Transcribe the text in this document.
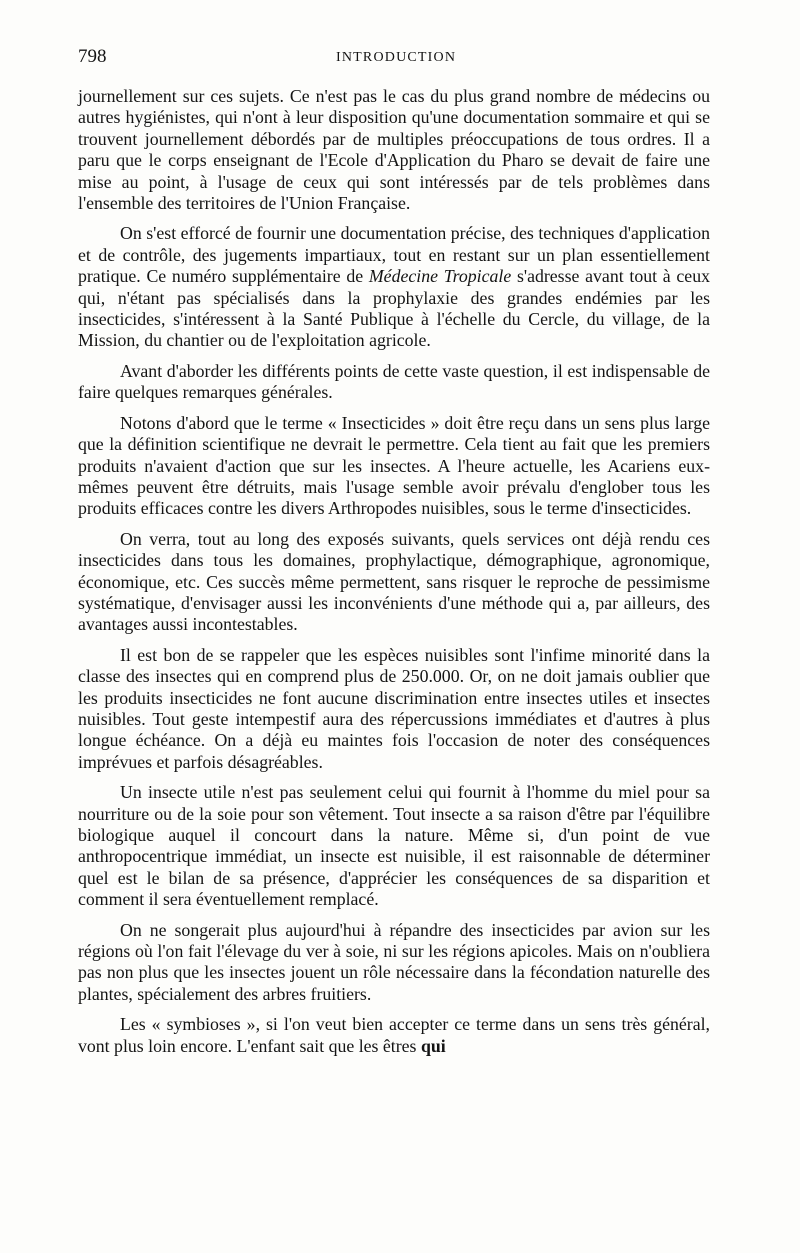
798	INTRODUCTION

journellement sur ces sujets. Ce n'est pas le cas du plus grand nombre de médecins ou autres hygiénistes, qui n'ont à leur disposition qu'une documentation sommaire et qui se trouvent journellement débordés par de multiples préoccupations de tous ordres. Il a paru que le corps enseignant de l'Ecole d'Application du Pharo se devait de faire une mise au point, à l'usage de ceux qui sont intéressés par de tels problèmes dans l'ensemble des territoires de l'Union Française.

On s'est efforcé de fournir une documentation précise, des techniques d'application et de contrôle, des jugements impartiaux, tout en restant sur un plan essentiellement pratique. Ce numéro supplémentaire de Médecine Tropicale s'adresse avant tout à ceux qui, n'étant pas spécialisés dans la prophylaxie des grandes endémies par les insecticides, s'intéressent à la Santé Publique à l'échelle du Cercle, du village, de la Mission, du chantier ou de l'exploitation agricole.

Avant d'aborder les différents points de cette vaste question, il est indispensable de faire quelques remarques générales.

Notons d'abord que le terme « Insecticides » doit être reçu dans un sens plus large que la définition scientifique ne devrait le permettre. Cela tient au fait que les premiers produits n'avaient d'action que sur les insectes. A l'heure actuelle, les Acariens eux-mêmes peuvent être détruits, mais l'usage semble avoir prévalu d'englober tous les produits efficaces contre les divers Arthropodes nuisibles, sous le terme d'insecticides.

On verra, tout au long des exposés suivants, quels services ont déjà rendu ces insecticides dans tous les domaines, prophylactique, démographique, agronomique, économique, etc. Ces succès même permettent, sans risquer le reproche de pessimisme systématique, d'envisager aussi les inconvénients d'une méthode qui a, par ailleurs, des avantages aussi incontestables.

Il est bon de se rappeler que les espèces nuisibles sont l'infime minorité dans la classe des insectes qui en comprend plus de 250.000. Or, on ne doit jamais oublier que les produits insecticides ne font aucune discrimination entre insectes utiles et insectes nuisibles. Tout geste intempestif aura des répercussions immédiates et d'autres à plus longue échéance. On a déjà eu maintes fois l'occasion de noter des conséquences imprévues et parfois désagréables.

Un insecte utile n'est pas seulement celui qui fournit à l'homme du miel pour sa nourriture ou de la soie pour son vêtement. Tout insecte a sa raison d'être par l'équilibre biologique auquel il concourt dans la nature. Même si, d'un point de vue anthropocentrique immédiat, un insecte est nuisible, il est raisonnable de déterminer quel est le bilan de sa présence, d'apprécier les conséquences de sa disparition et comment il sera éventuellement remplacé.

On ne songerait plus aujourd'hui à répandre des insecticides par avion sur les régions où l'on fait l'élevage du ver à soie, ni sur les régions apicoles. Mais on n'oubliera pas non plus que les insectes jouent un rôle nécessaire dans la fécondation naturelle des plantes, spécialement des arbres fruitiers.

Les « symbioses », si l'on veut bien accepter ce terme dans un sens très général, vont plus loin encore. L'enfant sait que les êtres qui
